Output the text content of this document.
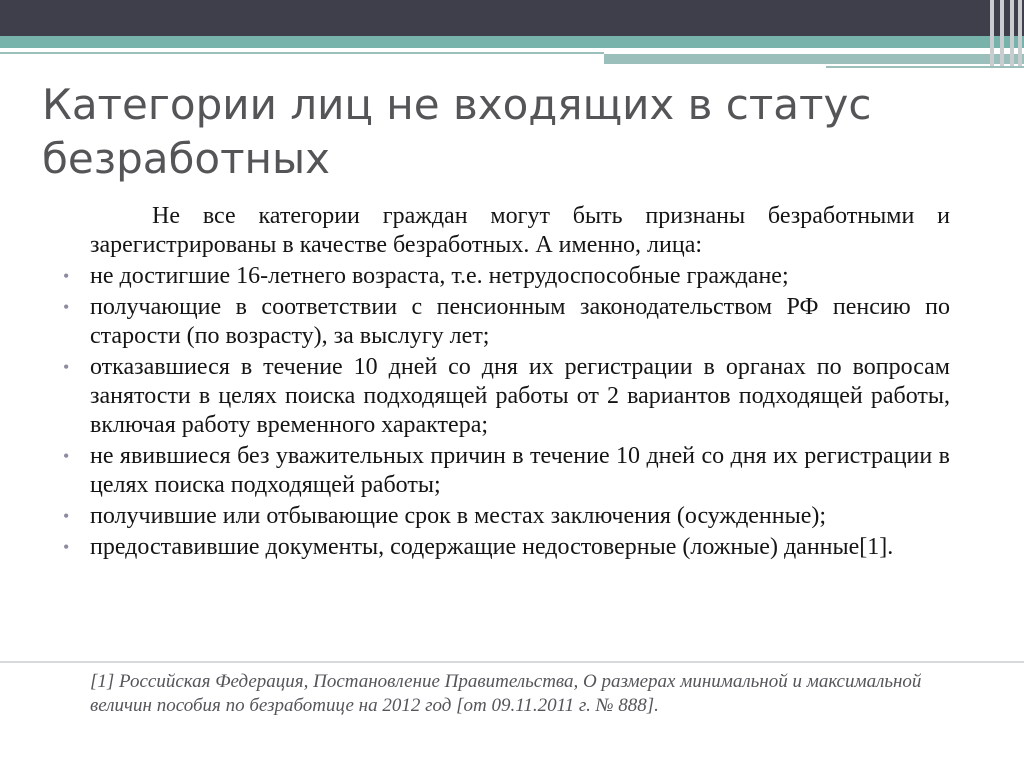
Категории лиц не входящих в статус безработных

Не все категории граждан могут быть признаны безработными и зарегистрированы в качестве безработных. А именно, лица:

• не достигшие 16-летнего возраста, т.е. нетрудоспособные граждане;
• получающие в соответствии с пенсионным законодательством РФ пенсию по старости (по возрасту), за выслугу лет;
• отказавшиеся в течение 10 дней со дня их регистрации в органах по вопросам занятости в целях поиска подходящей работы от 2 вариантов подходящей работы, включая работу временного характера;
• не явившиеся без уважительных причин в течение 10 дней со дня их регистрации в целях поиска подходящей работы;
• получившие или отбывающие срок в местах заключения (осужденные);
• предоставившие документы, содержащие недостоверные (ложные) данные[1].
[1] Российская Федерация, Постановление Правительства, О размерах минимальной и максимальной величин пособия по безработице на 2012 год [от 09.11.2011 г. № 888].
